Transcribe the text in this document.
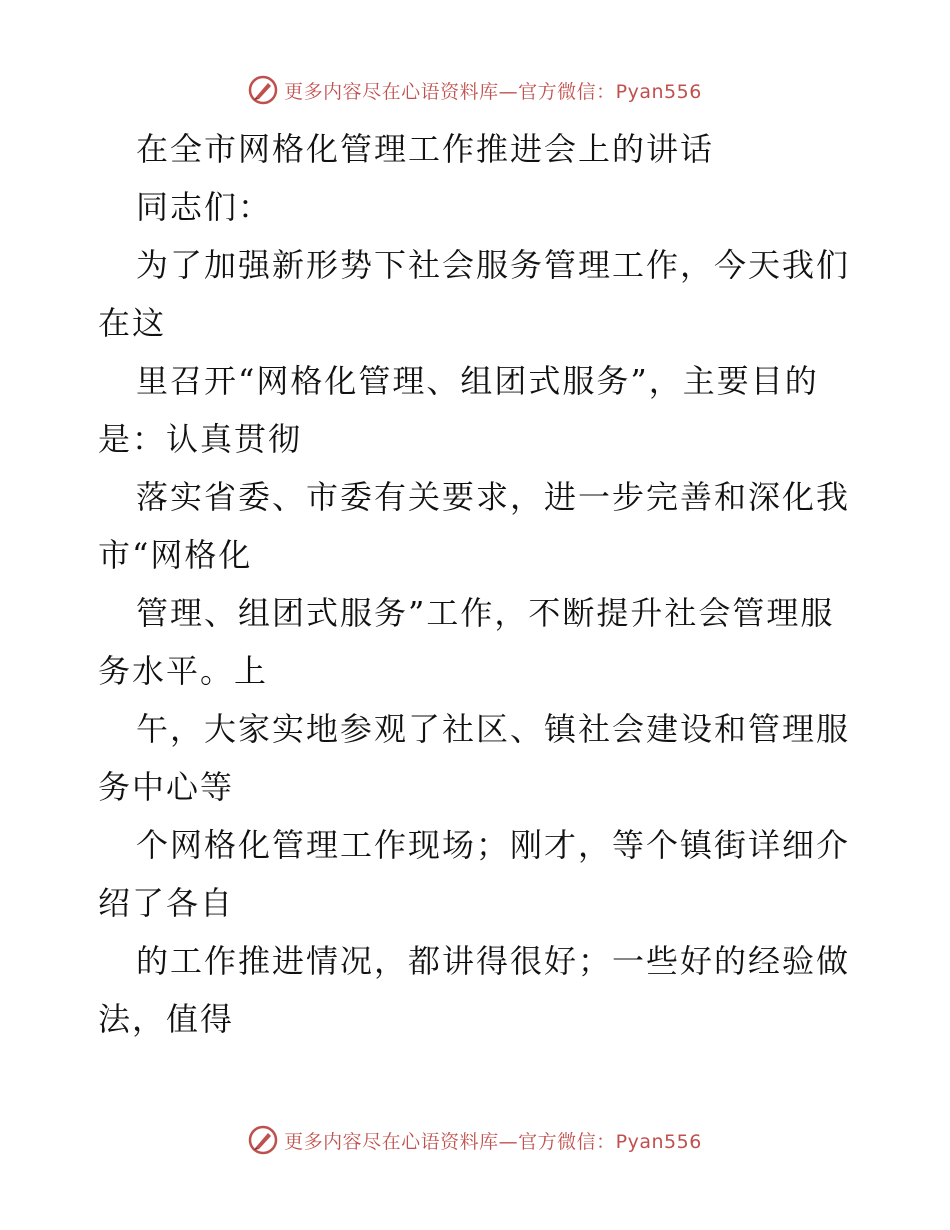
更多内容尽在心语资料库—官方微信：Pyan556
在全市网格化管理工作推进会上的讲话
同志们：
为了加强新形势下社会服务管理工作，今天我们
在这
里召开“网格化管理、组团式服务”，主要目的
是：认真贯彻
落实省委、市委有关要求，进一步完善和深化我
市“网格化
管理、组团式服务”工作，不断提升社会管理服
务水平。上
午，大家实地参观了社区、镇社会建设和管理服
务中心等
个网格化管理工作现场；刚才，等个镇街详细介
绍了各自
的工作推进情况，都讲得很好；一些好的经验做
法，值得
更多内容尽在心语资料库—官方微信：Pyan556
